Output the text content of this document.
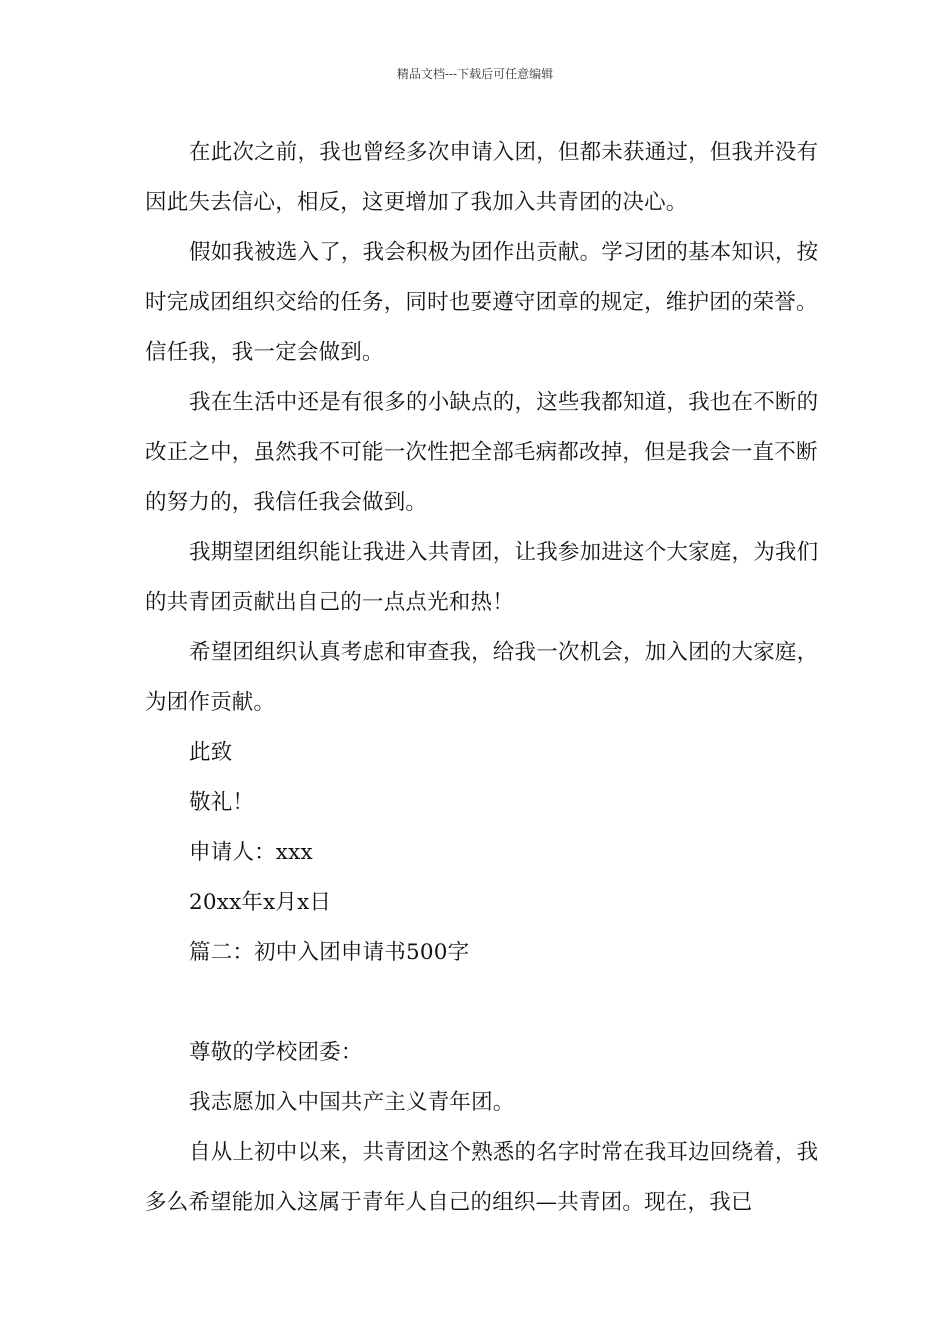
精品文档---下载后可任意编辑

在此次之前，我也曾经多次申请入团，但都未获通过，但我并没有因此失去信心，相反，这更增加了我加入共青团的决心。

假如我被选入了，我会积极为团作出贡献。学习团的基本知识，按时完成团组织交给的任务，同时也要遵守团章的规定，维护团的荣誉。信任我，我一定会做到。

我在生活中还是有很多的小缺点的，这些我都知道，我也在不断的改正之中，虽然我不可能一次性把全部毛病都改掉，但是我会一直不断的努力的，我信任我会做到。

我期望团组织能让我进入共青团，让我参加进这个大家庭，为我们的共青团贡献出自己的一点点光和热！

希望团组织认真考虑和审查我，给我一次机会，加入团的大家庭，为团作贡献。

此致

敬礼！

申请人：xxx

20xx年x月x日

篇二：初中入团申请书500字

尊敬的学校团委：

我志愿加入中国共产主义青年团。

自从上初中以来，共青团这个熟悉的名字时常在我耳边回绕着，我多么希望能加入这属于青年人自己的组织—共青团。现在，我已
